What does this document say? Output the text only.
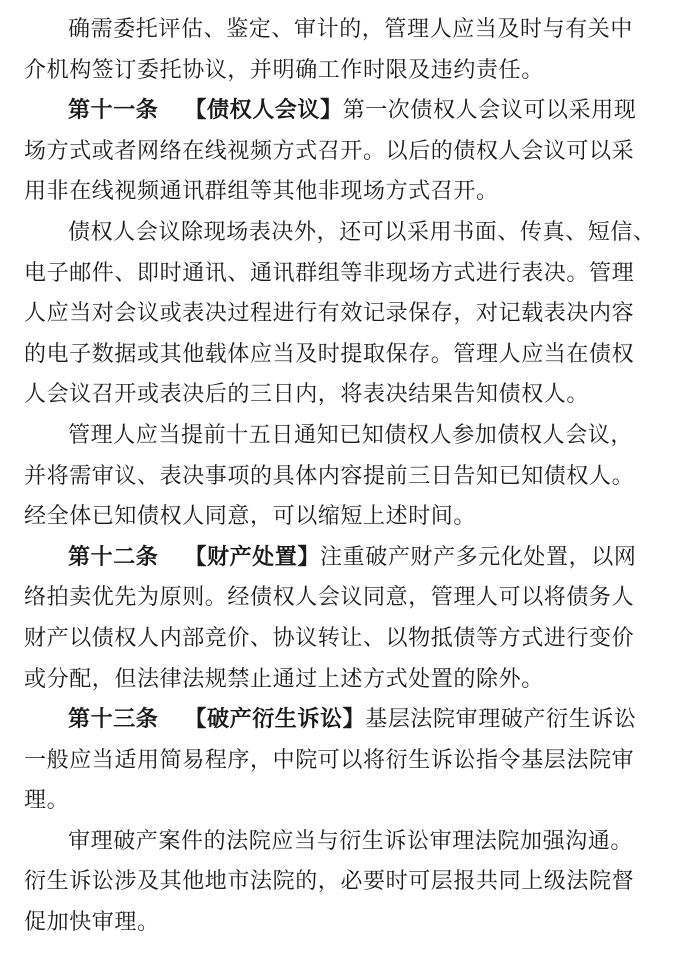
确需委托评估、鉴定、审计的，管理人应当及时与有关中
介机构签订委托协议，并明确工作时限及违约责任。
第十一条 【债权人会议】第一次债权人会议可以采用现
场方式或者网络在线视频方式召开。以后的债权人会议可以采
用非在线视频通讯群组等其他非现场方式召开。
债权人会议除现场表决外，还可以采用书面、传真、短信、
电子邮件、即时通讯、通讯群组等非现场方式进行表决。管理
人应当对会议或表决过程进行有效记录保存，对记载表决内容
的电子数据或其他载体应当及时提取保存。管理人应当在债权
人会议召开或表决后的三日内，将表决结果告知债权人。
管理人应当提前十五日通知已知债权人参加债权人会议，
并将需审议、表决事项的具体内容提前三日告知已知债权人。
经全体已知债权人同意，可以缩短上述时间。
第十二条 【财产处置】注重破产财产多元化处置，以网
络拍卖优先为原则。经债权人会议同意，管理人可以将债务人
财产以债权人内部竞价、协议转让、以物抵债等方式进行变价
或分配，但法律法规禁止通过上述方式处置的除外。
第十三条 【破产衍生诉讼】基层法院审理破产衍生诉讼
一般应当适用简易程序，中院可以将衍生诉讼指令基层法院审
理。
审理破产案件的法院应当与衍生诉讼审理法院加强沟通。
衍生诉讼涉及其他地市法院的，必要时可层报共同上级法院督
促加快审理。
